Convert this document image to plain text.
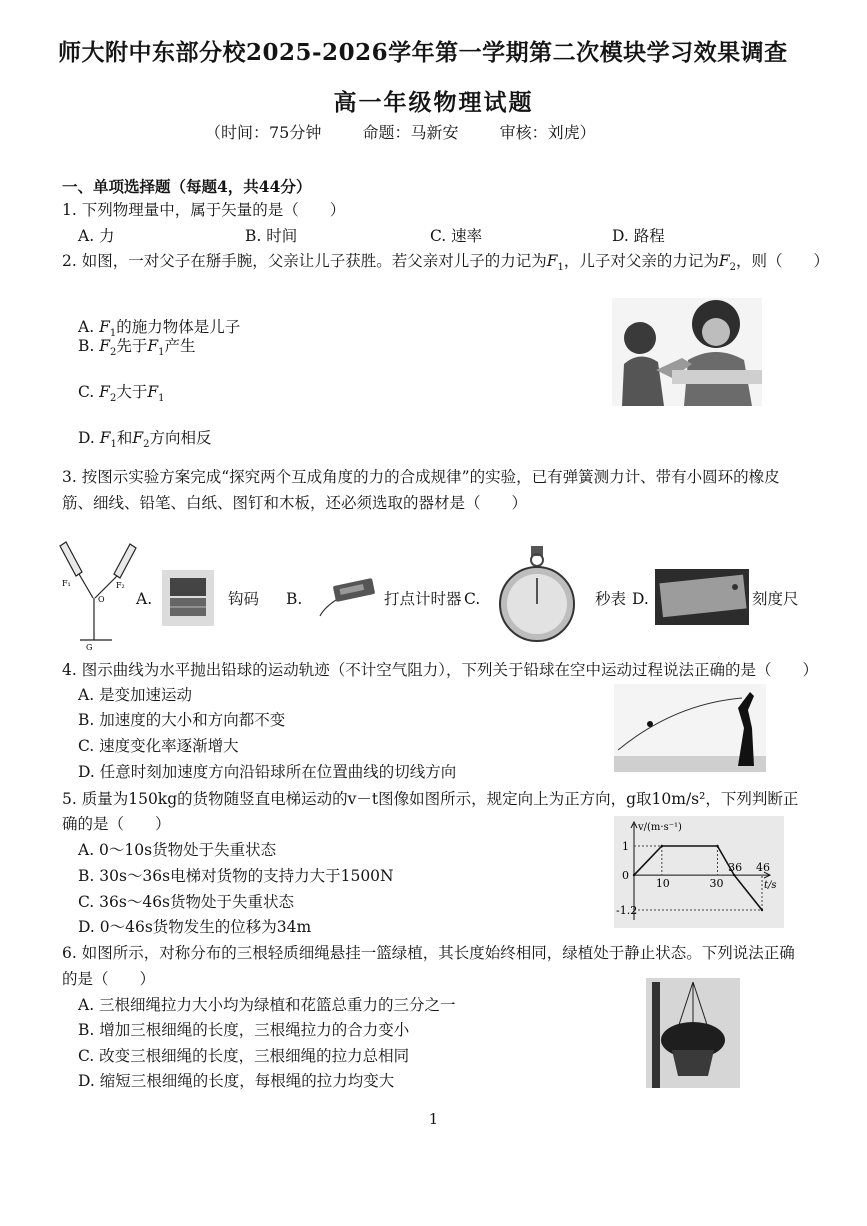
师大附中东部分校2025-2026学年第一学期第二次模块学习效果调查
高一年级物理试题
（时间：75分钟	命题：马新安	审核：刘虎）
一、单项选择题（每题4，共44分）
1. 下列物理量中，属于矢量的是（　　）
A. 力	B. 时间	C. 速率	D. 路程
2. 如图，一对父子在掰手腕，父亲让儿子获胜。若父亲对儿子的力记为$F_1$，儿子对父亲的力记为$F_2$，则（　　）
A. $F_1$的施力物体是儿子
B. $F_2$先于$F_1$产生
C. $F_2$大于$F_1$
D. $F_1$和$F_2$方向相反
3. 按图示实验方案完成“探究两个互成角度的力的合成规律”的实验，已有弹簧测力计、带有小圆环的橡皮
筋、细线、铅笔、白纸、图钉和木板，还必须选取的器材是（　　）
F₁	F₂
O
G
A.	钩码 B.	打点计时器 C.	秒表 D.	刻度尺
4. 图示曲线为水平抛出铅球的运动轨迹（不计空气阻力），下列关于铅球在空中运动过程说法正确的是（　　）
A. 是变加速运动
B. 加速度的大小和方向都不变
C. 速度变化率逐渐增大
D. 任意时刻加速度方向沿铅球所在位置曲线的切线方向
5. 质量为150kg的货物随竖直电梯运动的v－t图像如图所示，规定向上为正方向，g取10m/s²，下列判断正
确的是（　　）
A. 0～10s货物处于失重状态
B. 30s～36s电梯对货物的支持力大于1500N
C. 36s～46s货物处于失重状态
D. 0～46s货物发生的位移为34m
10	30
36 46
1
0
-1.2
v/(m·s⁻¹)
t/s
6. 如图所示，对称分布的三根轻质细绳悬挂一篮绿植，其长度始终相同，绿植处于静止状态。下列说法正确
的是（　　）
A. 三根细绳拉力大小均为绿植和花篮总重力的三分之一
B. 增加三根细绳的长度，三根绳拉力的合力变小
C. 改变三根细绳的长度，三根细绳的拉力总相同
D. 缩短三根细绳的长度，每根绳的拉力均变大
1
